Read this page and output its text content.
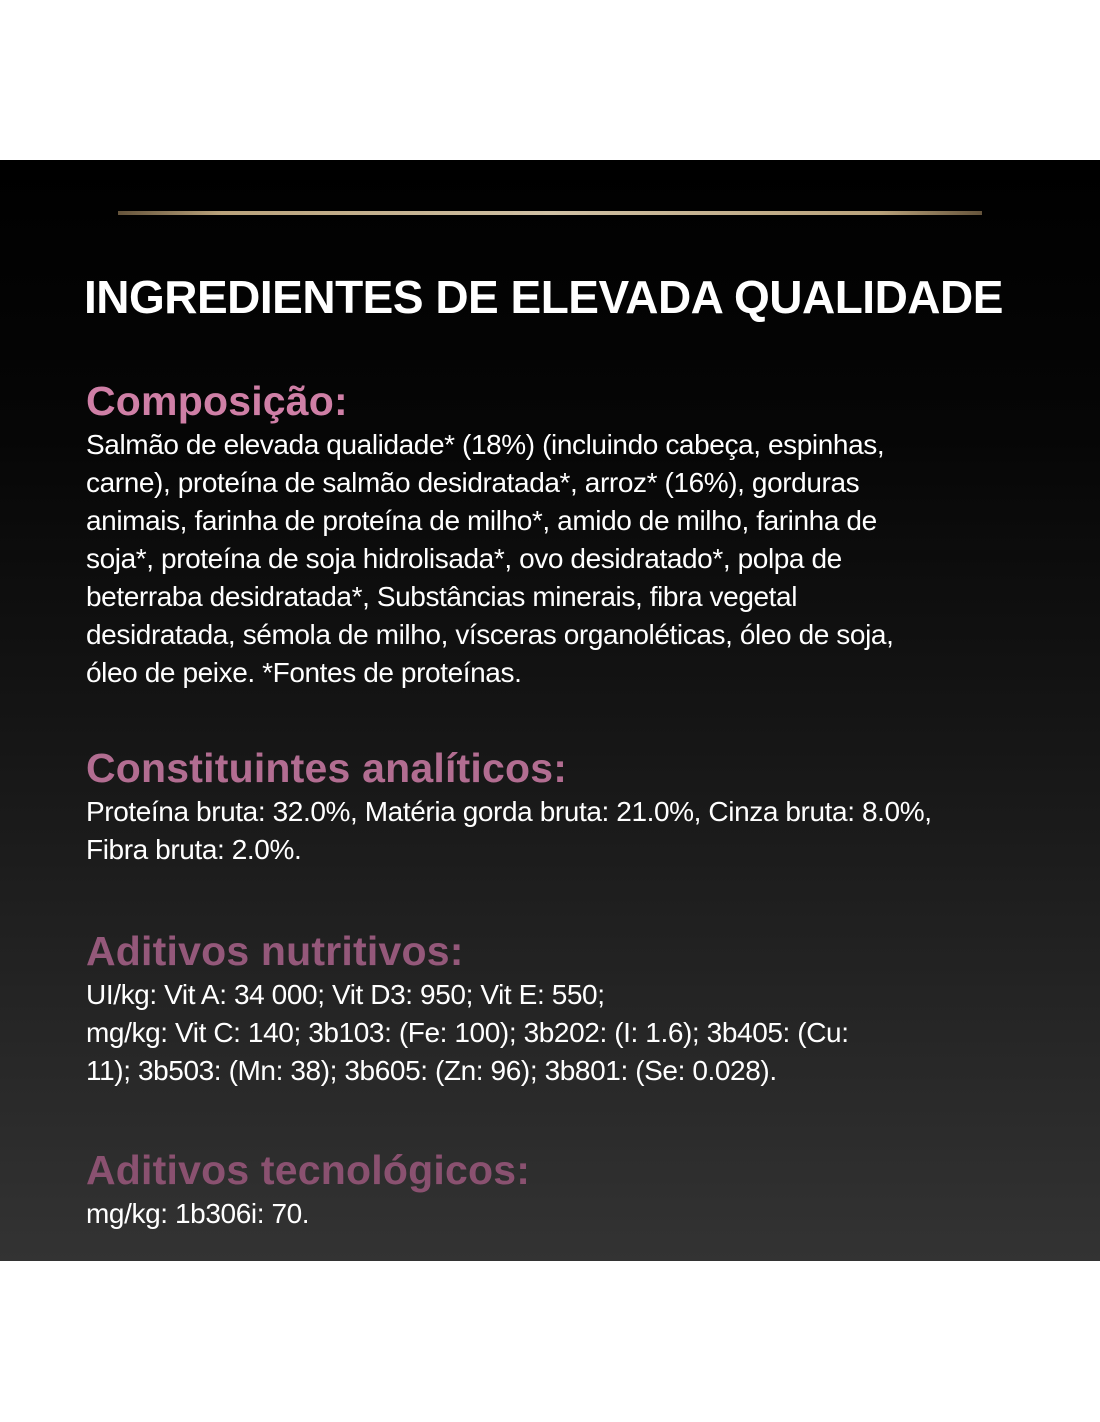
INGREDIENTES DE ELEVADA QUALIDADE
Composição:

Salmão de elevada qualidade* (18%) (incluindo cabeça, espinhas,
carne), proteína de salmão desidratada*, arroz* (16%), gorduras
animais, farinha de proteína de milho*, amido de milho, farinha de
soja*, proteína de soja hidrolisada*, ovo desidratado*, polpa de
beterraba desidratada*, Substâncias minerais, fibra vegetal
desidratada, sémola de milho, vísceras organoléticas, óleo de soja,
óleo de peixe. *Fontes de proteínas.

Constituintes analíticos:

Proteína bruta: 32.0%, Matéria gorda bruta: 21.0%, Cinza bruta: 8.0%,
Fibra bruta: 2.0%.

Aditivos nutritivos:

UI/kg: Vit A: 34 000; Vit D3: 950; Vit E: 550;
mg/kg: Vit C: 140; 3b103: (Fe: 100); 3b202: (I: 1.6); 3b405: (Cu:
11); 3b503: (Mn: 38); 3b605: (Zn: 96); 3b801: (Se: 0.028).

Aditivos tecnológicos:

mg/kg: 1b306i: 70.
